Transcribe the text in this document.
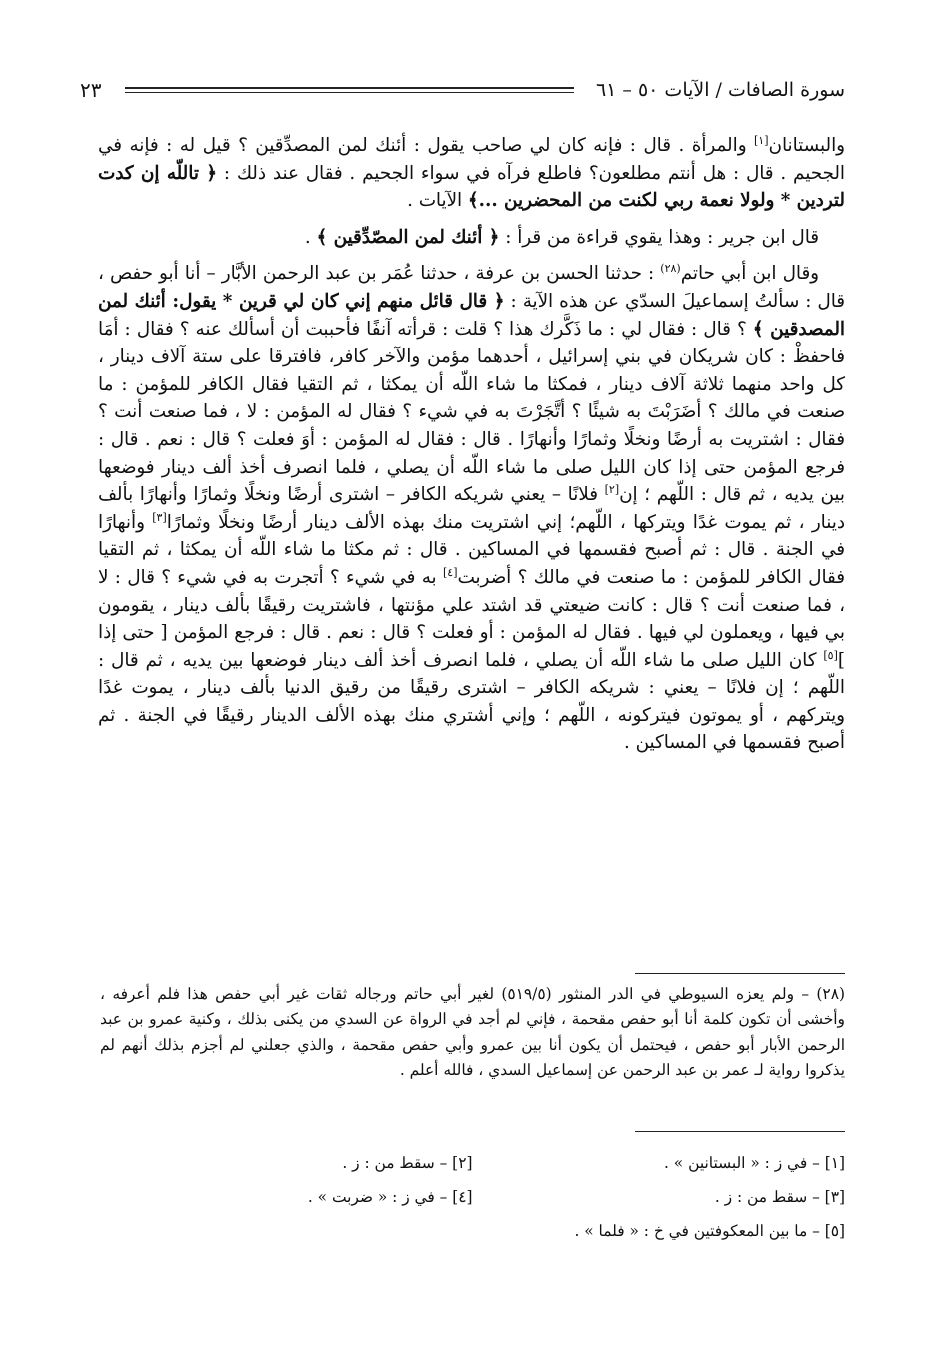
سورة الصافات / الآيات ٥٠ – ٦١
٢٣

والبستانان[١] والمرأة . قال : فإنه كان لي صاحب يقول : أئنك لمن المصدِّقين ؟ قيل له : فإنه في الجحيم . قال : هل أنتم مطلعون؟ فاطلع فرآه في سواء الجحيم . فقال عند ذلك : ﴿ تاللّه إن كدت لتردين * ولولا نعمة ربي لكنت من المحضرين ...﴾ الآيات .

قال ابن جرير : وهذا يقوي قراءة من قرأ : ﴿ أئنك لمن المصّدِّقين ﴾ .

وقال ابن أبي حاتم$^{(٢٨)}$ : حدثنا الحسن بن عرفة ، حدثنا عُمَر بن عبد الرحمن الأبَّار – أنا أبو حفص ، قال : سألتُ إسماعيلَ السدّي عن هذه الآية : ﴿ قال قائل منهم إني كان لي قرين * يقول: أئنك لمن المصدقين ﴾ ؟ قال : فقال لي : ما ذَكَّرك هذا ؟ قلت : قرأته آنفًا فأحببت أن أسألك عنه ؟ فقال : أمَا فاحفظْ : كان شريكان في بني إسرائيل ، أحدهما مؤمن والآخر كافر، فافترقا على ستة آلاف دينار ، كل واحد منهما ثلاثة آلاف دينار ، فمكثا ما شاء اللّه أن يمكثا ، ثم التقيا فقال الكافر للمؤمن : ما صنعت في مالك ؟ أضَرَبْتَ به شيئًا ؟ أتَّجَرْتَ به في شيء ؟ فقال له المؤمن : لا ، فما صنعت أنت ؟ فقال : اشتريت به أرضًا ونخلًا وثمارًا وأنهارًا . قال : فقال له المؤمن : أوَ فعلت ؟ قال : نعم . قال : فرجع المؤمن حتى إذا كان الليل صلى ما شاء اللّه أن يصلي ، فلما انصرف أخذ ألف دينار فوضعها بين يديه ، ثم قال : اللّهم ؛ إن[٢] فلانًا – يعني شريكه الكافر – اشترى أرضًا ونخلًا وثمارًا وأنهارًا بألف دينار ، ثم يموت غدًا ويتركها ، اللّهم؛ إني اشتريت منك بهذه الألف دينار أرضًا ونخلًا وثمارًا[٣] وأنهارًا في الجنة . قال : ثم أصبح فقسمها في المساكين . قال : ثم مكثا ما شاء اللّه أن يمكثا ، ثم التقيا فقال الكافر للمؤمن : ما صنعت في مالك ؟ أضربت[٤] به في شيء ؟ أتجرت به في شيء ؟ قال : لا ، فما صنعت أنت ؟ قال : كانت ضيعتي قد اشتد علي مؤنتها ، فاشتريت رقيقًا بألف دينار ، يقومون بي فيها ، ويعملون لي فيها . فقال له المؤمن : أو فعلت ؟ قال : نعم . قال : فرجع المؤمن [ حتى إذا ][٥] كان الليل صلى ما شاء اللّه أن يصلي ، فلما انصرف أخذ ألف دينار فوضعها بين يديه ، ثم قال : اللّهم ؛ إن فلانًا – يعني : شريكه الكافر – اشترى رقيقًا من رقيق الدنيا بألف دينار ، يموت غدًا ويتركهم ، أو يموتون فيتركونه ، اللّهم ؛ وإني أشتري منك بهذه الألف الدينار رقيقًا في الجنة . ثم أصبح فقسمها في المساكين .

(٢٨) – ولم يعزه السيوطي في الدر المنثور (٥١٩/٥) لغير أبي حاتم ورجاله ثقات غير أبي حفص هذا فلم أعرفه ، وأخشى أن تكون كلمة أنا أبو حفص مقحمة ، فإني لم أجد في الرواة عن السدي من يكنى بذلك ، وكنية عمرو بن عبد الرحمن الأبار أبو حفص ، فيحتمل أن يكون أنا بين عمرو وأبي حفص مقحمة ، والذي جعلني لم أجزم بذلك أنهم لم يذكروا رواية لـ عمر بن عبد الرحمن عن إسماعيل السدي ، فالله أعلم .

[١] – في ز : « البستانين » .
[٢] – سقط من : ز .
[٣] – سقط من : ز .
[٤] – في ز : « ضربت » .
[٥] – ما بين المعكوفتين في خ : « فلما » .
